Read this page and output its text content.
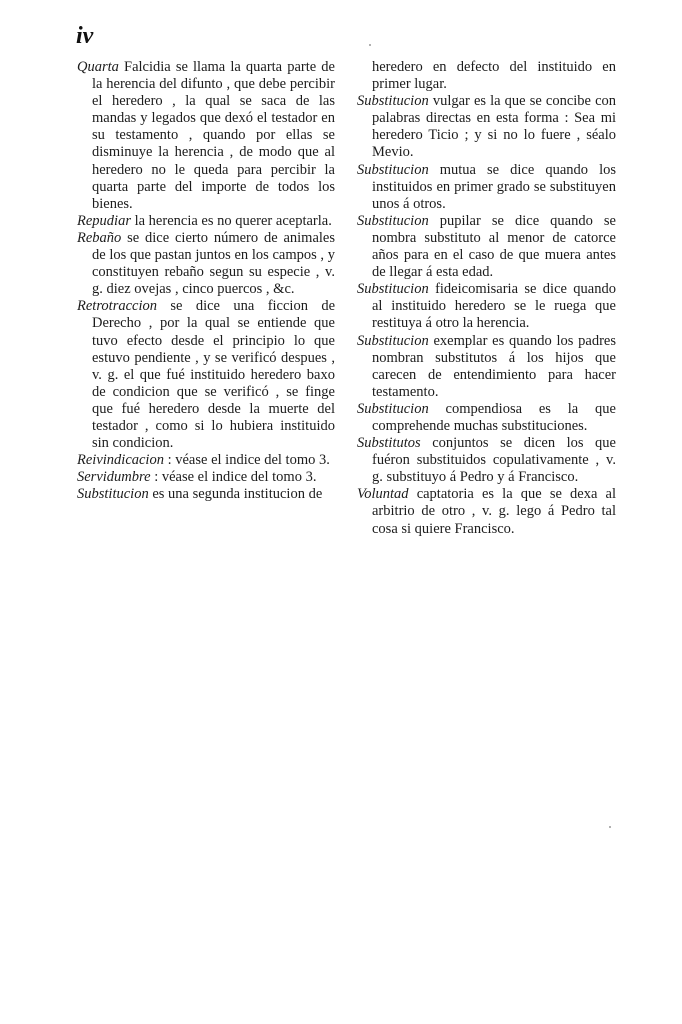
iv

Quarta Falcidia se llama la quarta parte de la herencia del difunto , que debe percibir el heredero , la qual se saca de las mandas y legados que dexó el testador en su testamento , quando por ellas se disminuye la herencia , de modo que al heredero no le queda para percibir la quarta parte del importe de todos los bienes.

Repudiar la herencia es no querer aceptarla.

Rebaño se dice cierto número de animales de los que pastan juntos en los campos , y constituyen rebaño segun su especie , v. g. diez ovejas , cinco puercos , &c.

Retrotraccion se dice una ficcion de Derecho , por la qual se entiende que tuvo efecto desde el principio lo que estuvo pendiente , y se verificó despues , v. g. el que fué instituido heredero baxo de condicion que se verificó , se finge que fué heredero desde la muerte del testador , como si lo hubiera instituido sin condicion.

Reivindicacion : véase el indice del tomo 3.

Servidumbre : véase el indice del tomo 3.

Substitucion es una segunda institucion de

heredero en defecto del instituido en primer lugar.

Substitucion vulgar es la que se concibe con palabras directas en esta forma : Sea mi heredero Ticio ; y si no lo fuere , séalo Mevio.

Substitucion mutua se dice quando los instituidos en primer grado se substituyen unos á otros.

Substitucion pupilar se dice quando se nombra substituto al menor de catorce años para en el caso de que muera antes de llegar á esta edad.

Substitucion fideicomisaria se dice quando al instituido heredero se le ruega que restituya á otro la herencia.

Substitucion exemplar es quando los padres nombran substitutos á los hijos que carecen de entendimiento para hacer testamento.

Substitucion compendiosa es la que comprehende muchas substituciones.

Substitutos conjuntos se dicen los que fuéron substituidos copulativamente , v. g. substituyo á Pedro y á Francisco.

Voluntad captatoria es la que se dexa al arbitrio de otro , v. g. lego á Pedro tal cosa si quiere Francisco.
